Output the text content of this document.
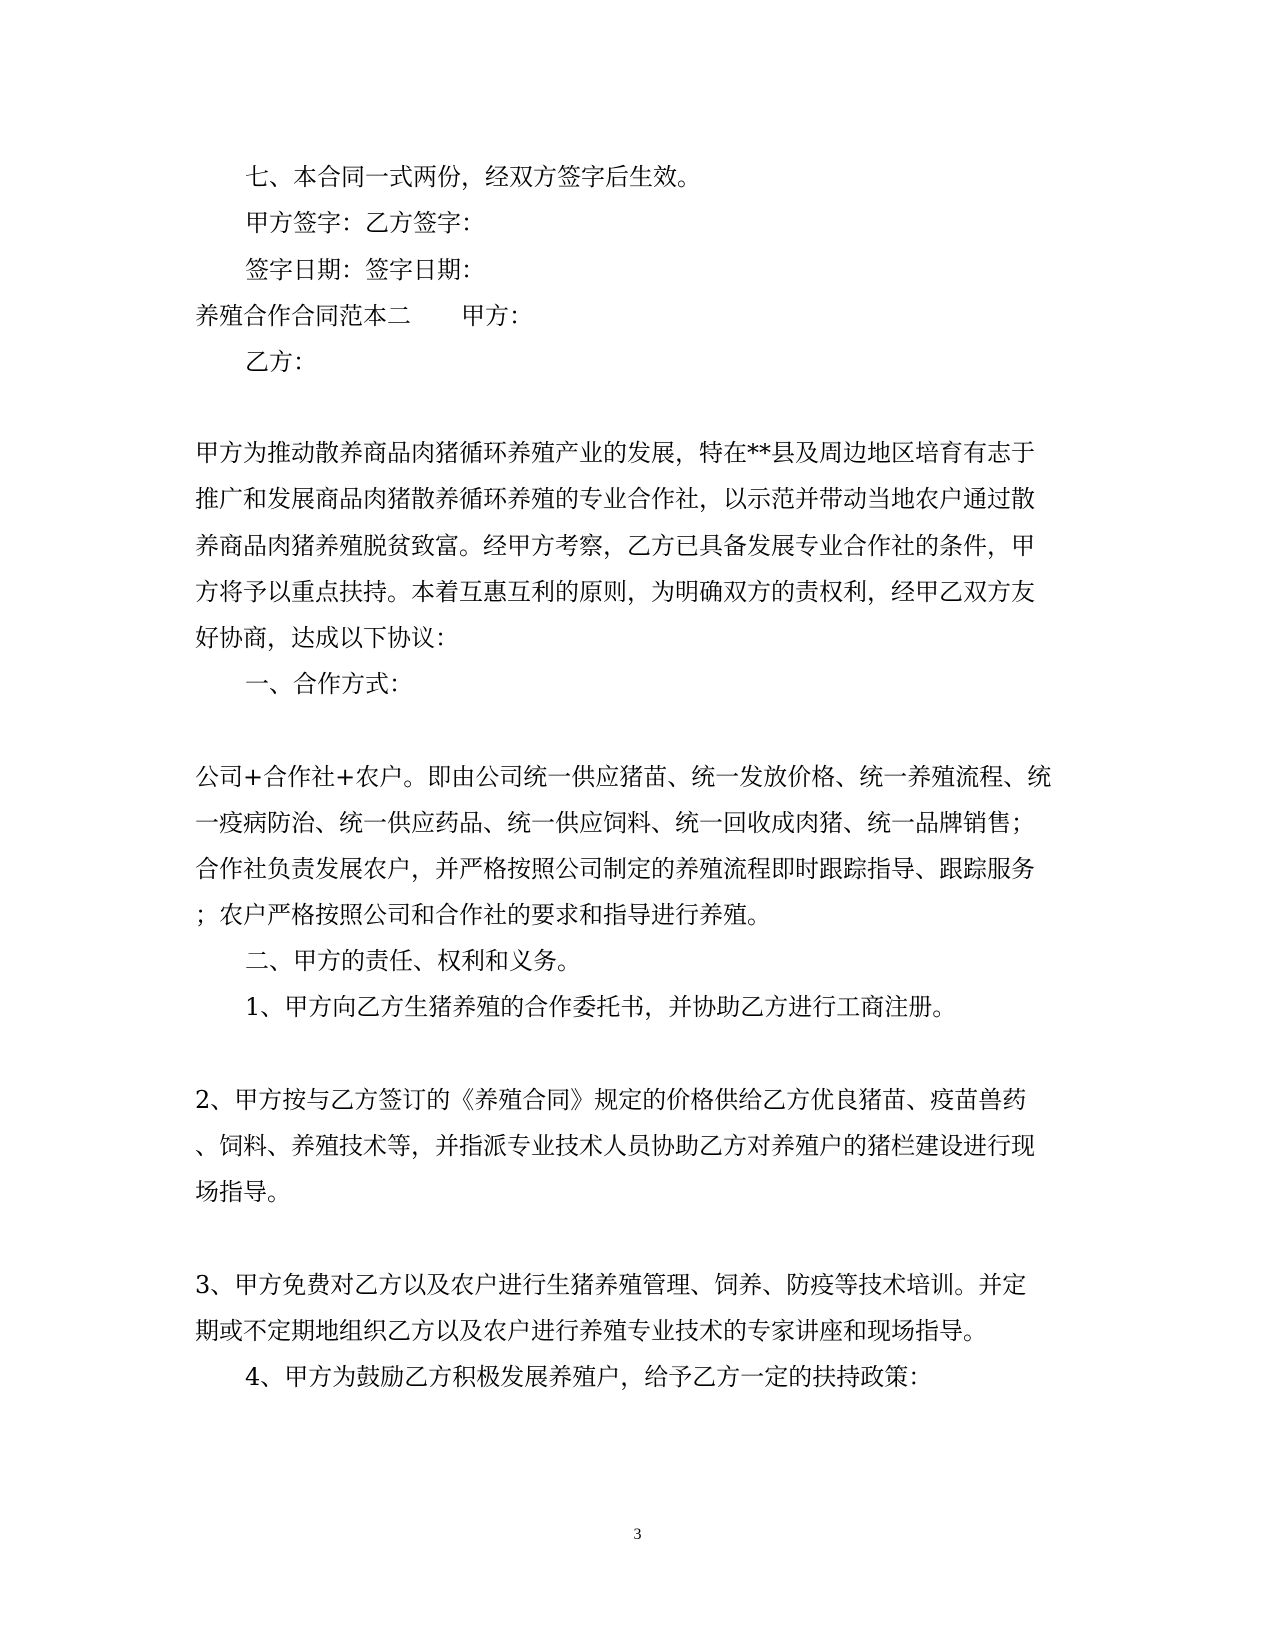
七、本合同一式两份，经双方签字后生效。
甲方签字：乙方签字：
签字日期：签字日期：
养殖合作合同范本二 甲方：
乙方：
甲方为推动散养商品肉猪循环养殖产业的发展，特在**县及周边地区培育有志于
推广和发展商品肉猪散养循环养殖的专业合作社，以示范并带动当地农户通过散
养商品肉猪养殖脱贫致富。经甲方考察，乙方已具备发展专业合作社的条件，甲
方将予以重点扶持。本着互惠互利的原则，为明确双方的责权利，经甲乙双方友
好协商，达成以下协议：
一、合作方式：
公司+合作社+农户。即由公司统一供应猪苗、统一发放价格、统一养殖流程、统
一疫病防治、统一供应药品、统一供应饲料、统一回收成肉猪、统一品牌销售；
合作社负责发展农户，并严格按照公司制定的养殖流程即时跟踪指导、跟踪服务
；农户严格按照公司和合作社的要求和指导进行养殖。
二、甲方的责任、权利和义务。
1、甲方向乙方生猪养殖的合作委托书，并协助乙方进行工商注册。
2、甲方按与乙方签订的《养殖合同》规定的价格供给乙方优良猪苗、疫苗兽药
、饲料、养殖技术等，并指派专业技术人员协助乙方对养殖户的猪栏建设进行现
场指导。
3、甲方免费对乙方以及农户进行生猪养殖管理、饲养、防疫等技术培训。并定
期或不定期地组织乙方以及农户进行养殖专业技术的专家讲座和现场指导。
4、甲方为鼓励乙方积极发展养殖户，给予乙方一定的扶持政策：
3
